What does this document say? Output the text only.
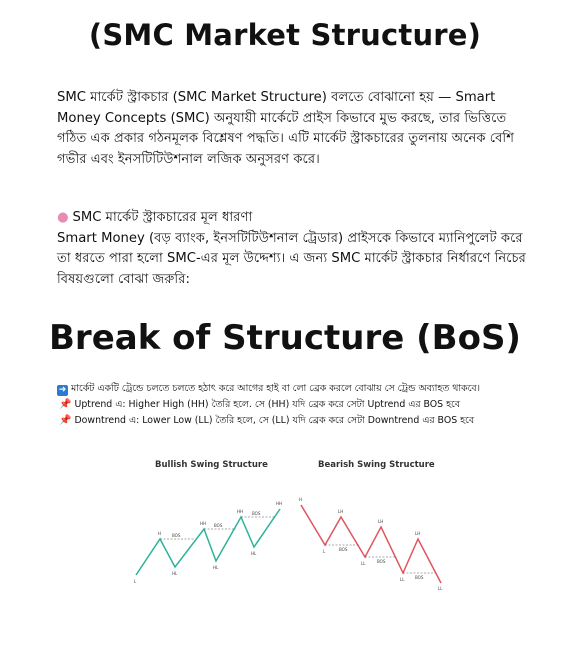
(SMC Market Structure)
SMC মার্কেট স্ট্রাকচার (SMC Market Structure) বলতে বোঝানো হয় — Smart Money Concepts (SMC) অনুযায়ী মার্কেটে প্রাইস কিভাবে মুভ করছে, তার ভিত্তিতে গঠিত এক প্রকার গঠনমূলক বিশ্লেষণ পদ্ধতি। এটি মার্কেট স্ট্রাকচারের তুলনায় অনেক বেশি গভীর এবং ইনসটিটিউশনাল লজিক অনুসরণ করে।
● SMC মার্কেট স্ট্রাকচারের মূল ধারণা
Smart Money (বড় ব্যাংক, ইনসটিটিউশনাল ট্রেডার) প্রাইসকে কিভাবে ম্যানিপুলেট করে তা ধরতে পারা হলো SMC-এর মূল উদ্দেশ্য। এ জন্য SMC মার্কেট স্ট্রাকচার নির্ধারণে নিচের বিষয়গুলো বোঝা জরুরি:
Break of Structure (BoS)
➜ মার্কেট একটি ট্রেন্ডে চলতে চলতে হঠাৎ করে আগের হাই বা লো ব্রেক করলে বোঝায় সে ট্রেন্ড অব্যাহত থাকবে।
📌 Uptrend এ: Higher High (HH) তৈরি হলে. সে (HH) যদি ব্রেক করে সেটা Uptrend এর BOS হবে
📌 Downtrend এ: Lower Low (LL) তৈরি হলে, সে (LL) যদি ব্রেক করে সেটা Downtrend এর BOS হবে
Bullish Swing Structure	Bearish Swing Structure
L
H
HL
BOS
HH BOS
HL
HH BOS
HL
HH
H
LH
L	BOS
LH
BOS
LL
LH
BOS
LL
LL
